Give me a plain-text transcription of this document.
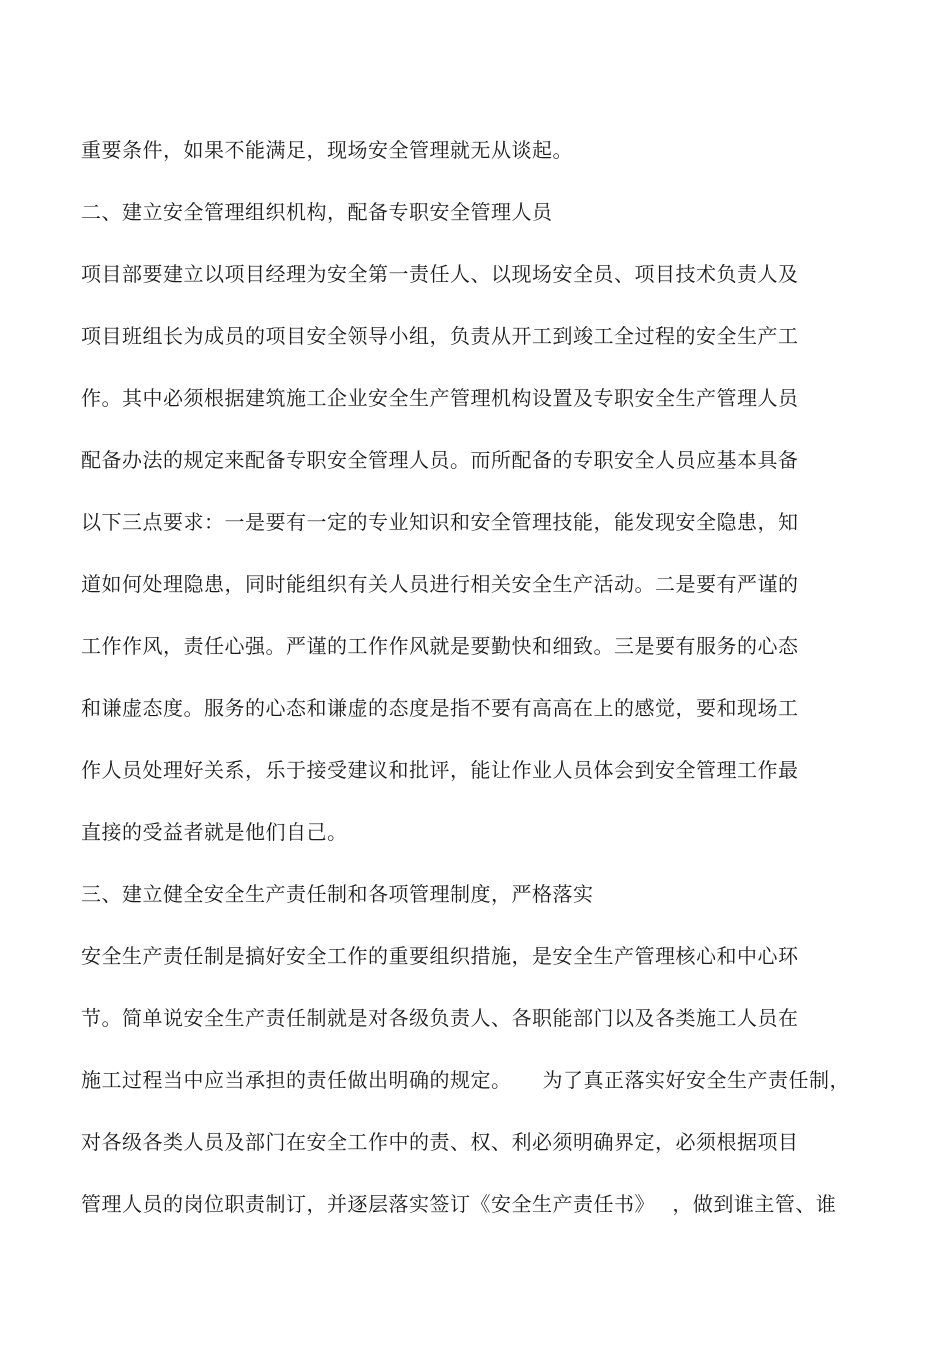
重要条件，如果不能满足，现场安全管理就无从谈起。
二、建立安全管理组织机构，配备专职安全管理人员
项目部要建立以项目经理为安全第一责任人、以现场安全员、项目技术负责人及
项目班组长为成员的项目安全领导小组，负责从开工到竣工全过程的安全生产工
作。其中必须根据建筑施工企业安全生产管理机构设置及专职安全生产管理人员
配备办法的规定来配备专职安全管理人员。而所配备的专职安全人员应基本具备
以下三点要求：一是要有一定的专业知识和安全管理技能，能发现安全隐患，知
道如何处理隐患，同时能组织有关人员进行相关安全生产活动。二是要有严谨的
工作作风，责任心强。严谨的工作作风就是要勤快和细致。三是要有服务的心态
和谦虚态度。服务的心态和谦虚的态度是指不要有高高在上的感觉，要和现场工
作人员处理好关系，乐于接受建议和批评，能让作业人员体会到安全管理工作最
直接的受益者就是他们自己。
三、建立健全安全生产责任制和各项管理制度，严格落实
安全生产责任制是搞好安全工作的重要组织措施，是安全生产管理核心和中心环
节。简单说安全生产责任制就是对各级负责人、各职能部门以及各类施工人员在
施工过程当中应当承担的责任做出明确的规定。　　为了真正落实好安全生产责任制，
对各级各类人员及部门在安全工作中的责、权、利必须明确界定，必须根据项目
管理人员的岗位职责制订，并逐层落实签订《安全生产责任书》　 ，做到谁主管、谁
